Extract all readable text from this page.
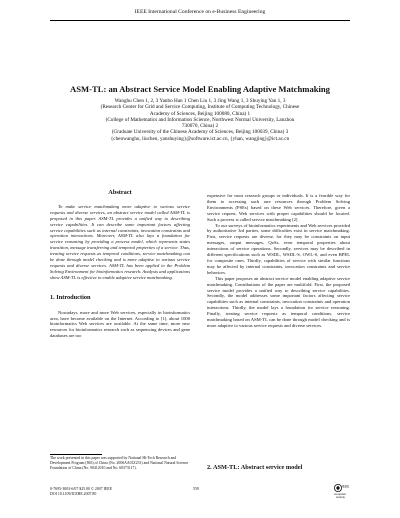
IEEE International Conference on e-Business Engineering
ASM-TL: an Abstract Service Model Enabling Adaptive Matchmaking
Wanghu Chen 1, 2, 3 Yanbo Han 1 Chen Liu 1, 3 Jing Wang 1, 3 Shuying Yan 1, 3
(Research Center for Grid and Service Computing, Institute of Computing Technology, Chinese
Academy of Sciences, Beijing 100080, China) 1
(College of Mathematics and Information Science, Northwest Normal University, Lanzhou
730070, China) 2
(Graduate University of the Chinese Academy of Sciences, Beijing 100039, China) 3
{chenwanghu, liuchen, yanshuying}@software.ict.ac.cn, {yhan, wangjing}@ict.ac.cn
Abstract

To make service matchmaking more adaptive to various service requests and diverse services, an abstract service model called ASM-TL is proposed in this paper. ASM-TL provides a unified way to describing service capabilities. It can describe some important factors affecting service capabilities such as internal constraints, invocation constraints and operation interactions. Moreover, ASM-TL also lays a foundation for service reasoning by providing a process model, which represents states transition, message transferring and temporal properties of a service. Thus, treating service requests as temporal conditions, service matchmaking can be done through model checking and is more adaptive to various service requests and diverse services. ASM-TL has been applied to the Problem Solving Environment for bioinformatics research. Analysis and applications show ASM-TL is effective to enable adaptive service matchmaking.

1. Introduction

Nowadays, more and more Web services, especially in bioinformatics area, have become available on the Internet. According to [1], about 1000 bioinformatics Web services are available. At the same time, more new resources for bioinformatics research such as sequencing devices and gene databases are too

The work presented in this paper was supported by National Hi-Tech Research and Development Program (863) of China (No. 2006AA01Z231) and National Natural Science Foundation of China (No. 90412010 and No. 60573117).

expensive for most research groups or individuals. It is a feasible way for them to accessing such rare resources through Problem Solving Environments (PSEs) based on these Web services. Therefore, given a service request, Web services with proper capabilities should be located. Such a process is called service matchmaking [2].

To our surveys of bioinformatics experiments and Web services provided by authoritative 3rd parties, some difficulties exist in service matchmaking. First, service requests are diverse, for they may be constraints on input messages, output messages, QoSs, even temporal properties about interactions of service operations. Secondly, services may be described in different specifications such as WSDL, WSDL-S, OWL-S, and even BPEL for composite ones. Thirdly, capabilities of service with similar functions may be affected by internal constraints, invocation constraints and service behaviors.

This paper proposes an abstract service model enabling adaptive service matchmaking. Contributions of the paper are multifold. First, the proposed service model provides a unified way to describing service capabilities. Secondly, the model addresses some important factors affecting service capabilities such as internal constraints, invocation constraints and operation interactions. Thirdly, the model lays a foundation for service reasoning. Finally, treating service requests as temporal conditions, service matchmaking based on ASM-TL can be done through model checking and is more adaptive to various service requests and diverse services.

2. ASM-TL: Abstract service model
0-7695-3003-6/07 $25.00 © 2007 IEEE
DOI 10.1109/ICEBE.2007.80
559
IEEE
computer
society
